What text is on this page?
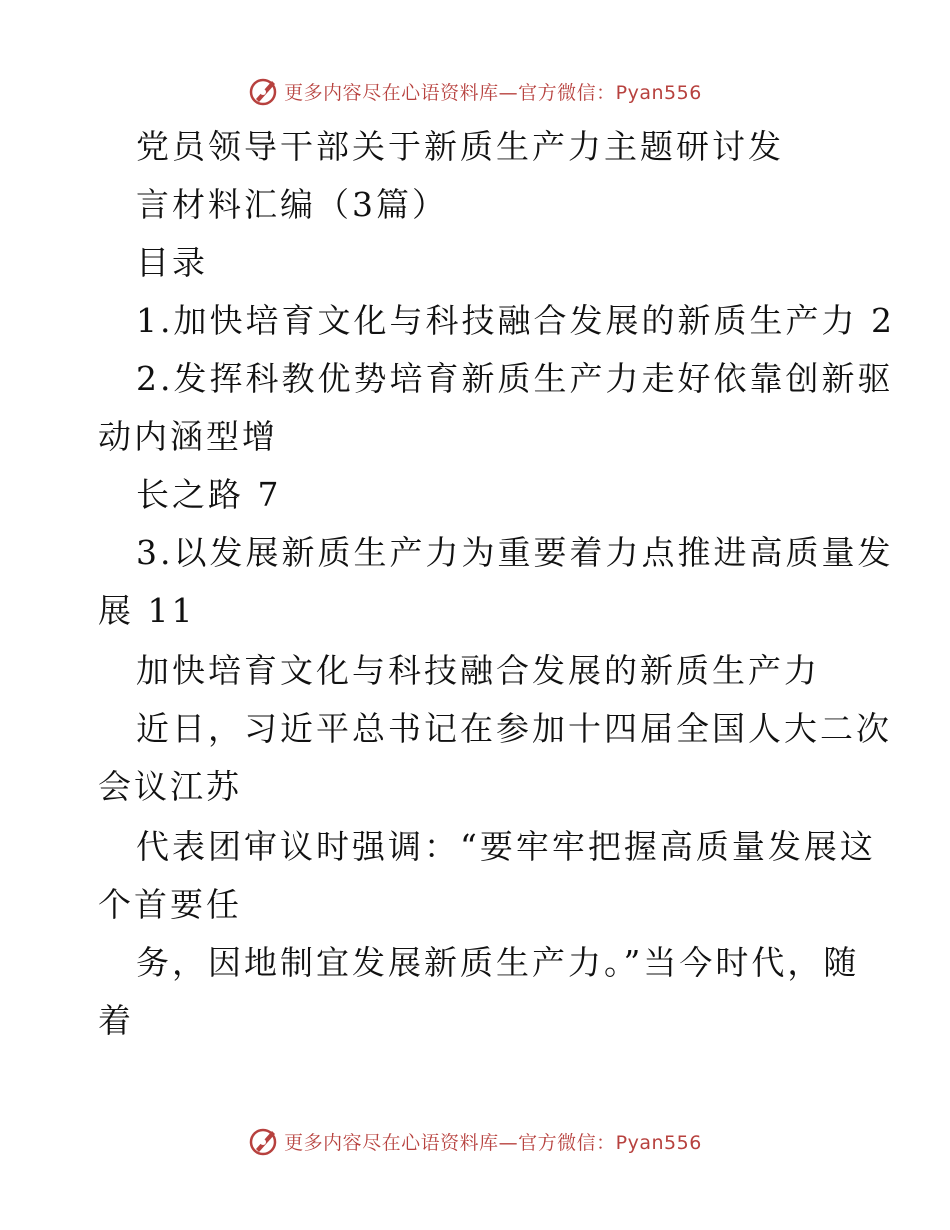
更多内容尽在心语资料库—官方微信：Pyan556
党员领导干部关于新质生产力主题研讨发
言材料汇编（3篇）
目录
1.加快培育文化与科技融合发展的新质生产力 2
2.发挥科教优势培育新质生产力走好依靠创新驱
动内涵型增
长之路 7
3.以发展新质生产力为重要着力点推进高质量发
展 11
加快培育文化与科技融合发展的新质生产力
近日，习近平总书记在参加十四届全国人大二次
会议江苏
代表团审议时强调：“要牢牢把握高质量发展这
个首要任
务，因地制宜发展新质生产力。”当今时代，随
着
更多内容尽在心语资料库—官方微信：Pyan556
